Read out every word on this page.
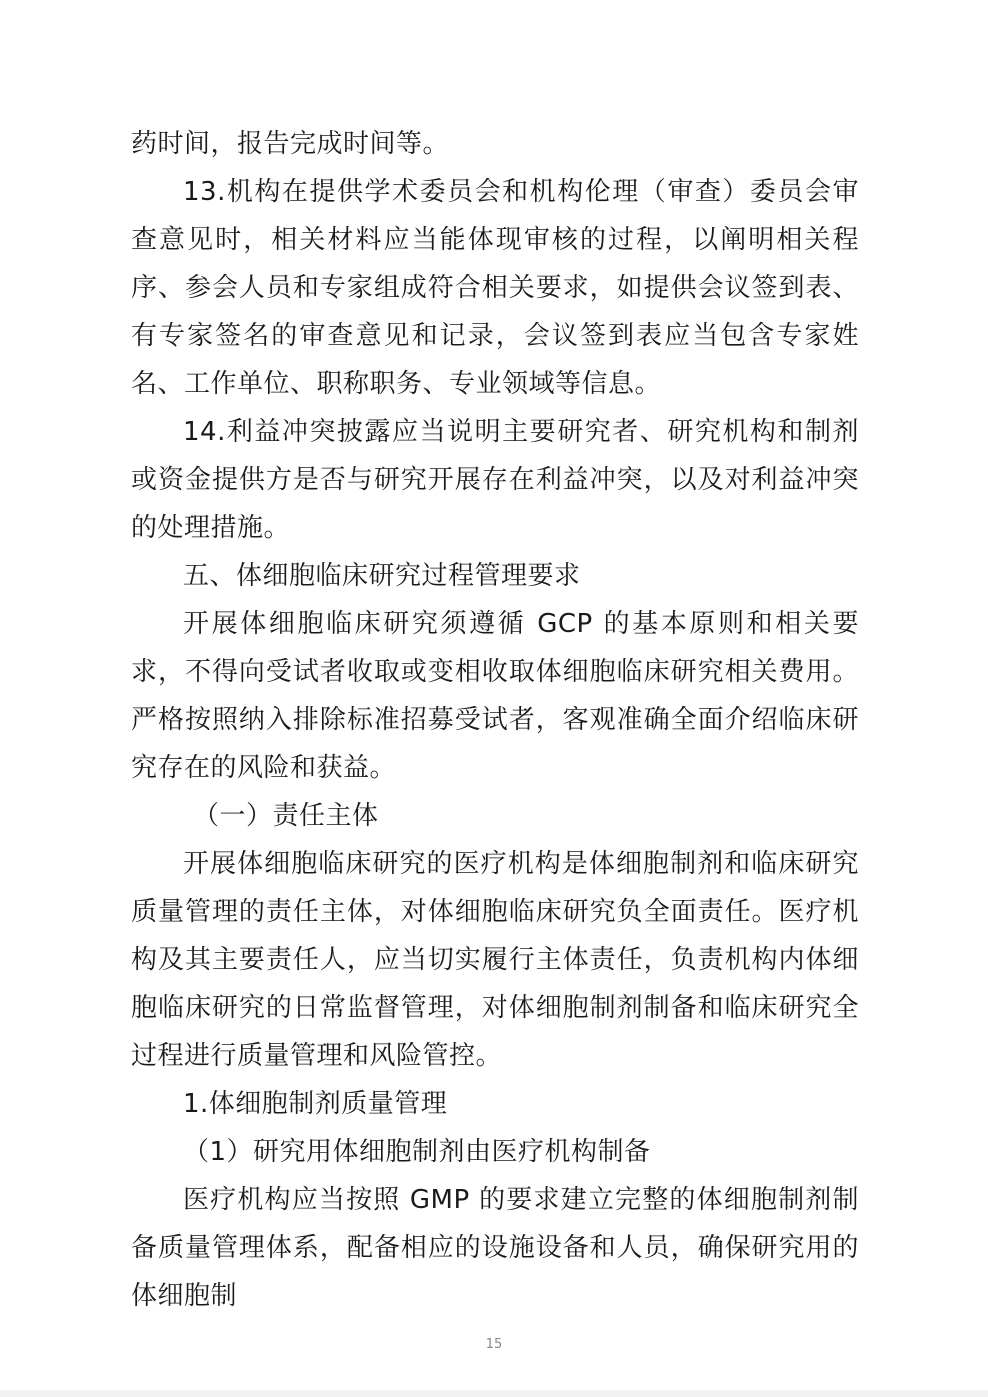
药时间，报告完成时间等。

13.机构在提供学术委员会和机构伦理（审查）委员会审查意见时，相关材料应当能体现审核的过程，以阐明相关程序、参会人员和专家组成符合相关要求，如提供会议签到表、有专家签名的审查意见和记录，会议签到表应当包含专家姓名、工作单位、职称职务、专业领域等信息。

14.利益冲突披露应当说明主要研究者、研究机构和制剂或资金提供方是否与研究开展存在利益冲突，以及对利益冲突的处理措施。

五、体细胞临床研究过程管理要求

开展体细胞临床研究须遵循 GCP 的基本原则和相关要求，不得向受试者收取或变相收取体细胞临床研究相关费用。严格按照纳入排除标准招募受试者，客观准确全面介绍临床研究存在的风险和获益。

（一）责任主体

开展体细胞临床研究的医疗机构是体细胞制剂和临床研究质量管理的责任主体，对体细胞临床研究负全面责任。医疗机构及其主要责任人，应当切实履行主体责任，负责机构内体细胞临床研究的日常监督管理，对体细胞制剂制备和临床研究全过程进行质量管理和风险管控。

1.体细胞制剂质量管理

（1）研究用体细胞制剂由医疗机构制备

医疗机构应当按照 GMP 的要求建立完整的体细胞制剂制备质量管理体系，配备相应的设施设备和人员，确保研究用的体细胞制

15
